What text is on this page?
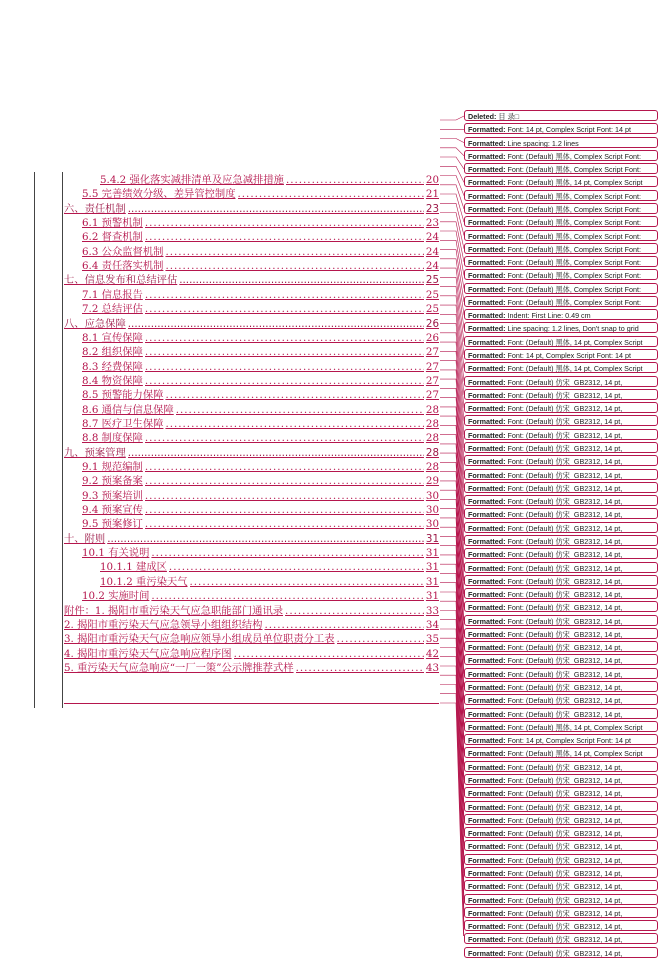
5.4.2 强化落实减排清单及应急减排措施 .....	20
5.5 完善绩效分级、差异管控制度 .....	21
六、责任机制 .....	23
6.1 预警机制 .....	23
6.2 督查机制 .....	24
6.3 公众监督机制 .....	24
6.4 责任落实机制 .....	24
七、信息发布和总结评估 .....	25
7.1 信息报告 .....	25
7.2 总结评估 .....	25
八、应急保障 .....	26
8.1 宣传保障 .....	26
8.2 组织保障 .....	27
8.3 经费保障 .....	27
8.4 物资保障 .....	27
8.5 预警能力保障 .....	27
8.6 通信与信息保障 .....	28
8.7 医疗卫生保障 .....	28
8.8 制度保障 .....	28
九、预案管理 .....	28
9.1 规范编制 .....	28
9.2 预案备案 .....	29
9.3 预案培训 .....	30
9.4 预案宣传 .....	30
9.5 预案修订 .....	30
十、附则 .....	31
10.1 有关说明 .....	31
10.1.1 建成区 .....	31
10.1.2 重污染天气 .....	31
10.2 实施时间 .....	31
附件：1. 揭阳市重污染天气应急职能部门通讯录 .....	33
2. 揭阳市重污染天气应急领导小组组织结构 .....	34
3. 揭阳市重污染天气应急响应领导小组成员单位职责分工表 .....	35
4. 揭阳市重污染天气应急响应程序图 .....	42
5. 重污染天气应急响应“一厂一策”公示牌推荐式样 .....	43
Deleted: 目 录□
Formatted: Font: 14 pt, Complex Script Font: 14 pt
Formatted: Line spacing: 1.2 lines
Formatted: Font: (Default) 黑体, Complex Script Font:
Formatted: Font: (Default) 黑体, Complex Script Font:
Formatted: Font: (Default) 黑体, 14 pt, Complex Script
Formatted: Font: (Default) 黑体, Complex Script Font:
Formatted: Font: (Default) 黑体, Complex Script Font:
Formatted: Font: (Default) 黑体, Complex Script Font:
Formatted: Font: (Default) 黑体, Complex Script Font:
Formatted: Font: (Default) 黑体, Complex Script Font:
Formatted: Font: (Default) 黑体, Complex Script Font:
Formatted: Font: (Default) 黑体, Complex Script Font:
Formatted: Font: (Default) 黑体, Complex Script Font:
Formatted: Font: (Default) 黑体, Complex Script Font:
Formatted: Indent: First Line: 0.49 cm
Formatted: Line spacing: 1.2 lines, Don't snap to grid
Formatted: Font: (Default) 黑体, 14 pt, Complex Script
Formatted: Font: 14 pt, Complex Script Font: 14 pt
Formatted: Font: (Default) 黑体, 14 pt, Complex Script
Formatted: Font: (Default) 仿宋_GB2312, 14 pt,
Formatted: Font: (Default) 仿宋_GB2312, 14 pt,
Formatted: Font: (Default) 仿宋_GB2312, 14 pt,
Formatted: Font: (Default) 仿宋_GB2312, 14 pt,
Formatted: Font: (Default) 仿宋_GB2312, 14 pt,
Formatted: Font: (Default) 仿宋_GB2312, 14 pt,
Formatted: Font: (Default) 仿宋_GB2312, 14 pt,
Formatted: Font: (Default) 仿宋_GB2312, 14 pt,
Formatted: Font: (Default) 仿宋_GB2312, 14 pt,
Formatted: Font: (Default) 仿宋_GB2312, 14 pt,
Formatted: Font: (Default) 仿宋_GB2312, 14 pt,
Formatted: Font: (Default) 仿宋_GB2312, 14 pt,
Formatted: Font: (Default) 仿宋_GB2312, 14 pt,
Formatted: Font: (Default) 仿宋_GB2312, 14 pt,
Formatted: Font: (Default) 仿宋_GB2312, 14 pt,
Formatted: Font: (Default) 仿宋_GB2312, 14 pt,
Formatted: Font: (Default) 仿宋_GB2312, 14 pt,
Formatted: Font: (Default) 仿宋_GB2312, 14 pt,
Formatted: Font: (Default) 仿宋_GB2312, 14 pt,
Formatted: Font: (Default) 仿宋_GB2312, 14 pt,
Formatted: Font: (Default) 仿宋_GB2312, 14 pt,
Formatted: Font: (Default) 仿宋_GB2312, 14 pt,
Formatted: Font: (Default) 仿宋_GB2312, 14 pt,
Formatted: Font: (Default) 仿宋_GB2312, 14 pt,
Formatted: Font: (Default) 仿宋_GB2312, 14 pt,
Formatted: Font: (Default) 仿宋_GB2312, 14 pt,
Formatted: Font: (Default) 黑体, 14 pt, Complex Script
Formatted: Font: 14 pt, Complex Script Font: 14 pt
Formatted: Font: (Default) 黑体, 14 pt, Complex Script
Formatted: Font: (Default) 仿宋_GB2312, 14 pt,
Formatted: Font: (Default) 仿宋_GB2312, 14 pt,
Formatted: Font: (Default) 仿宋_GB2312, 14 pt,
Formatted: Font: (Default) 仿宋_GB2312, 14 pt,
Formatted: Font: (Default) 仿宋_GB2312, 14 pt,
Formatted: Font: (Default) 仿宋_GB2312, 14 pt,
Formatted: Font: (Default) 仿宋_GB2312, 14 pt,
Formatted: Font: (Default) 仿宋_GB2312, 14 pt,
Formatted: Font: (Default) 仿宋_GB2312, 14 pt,
Formatted: Font: (Default) 仿宋_GB2312, 14 pt,
Formatted: Font: (Default) 仿宋_GB2312, 14 pt,
Formatted: Font: (Default) 仿宋_GB2312, 14 pt,
Formatted: Font: (Default) 仿宋_GB2312, 14 pt,
Formatted: Font: (Default) 仿宋_GB2312, 14 pt,
Formatted: Font: (Default) 仿宋_GB2312, 14 pt,
